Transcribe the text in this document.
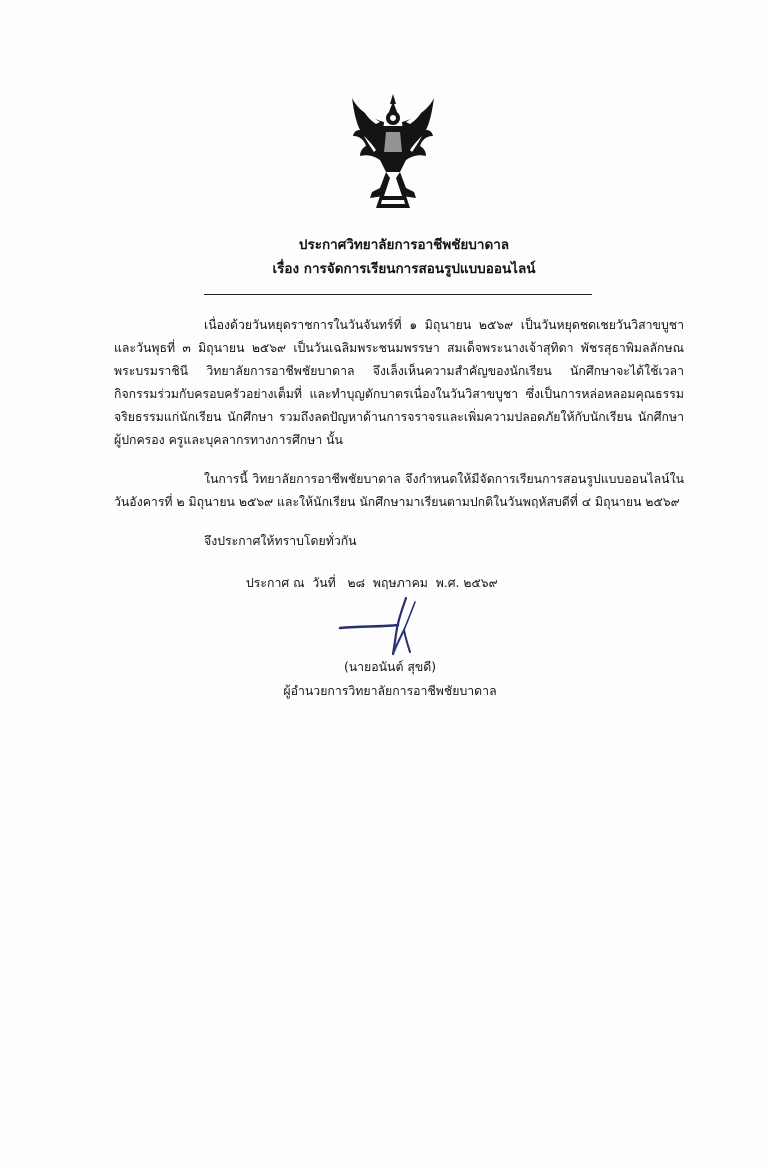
ประกาศวิทยาลัยการอาชีพชัยบาดาล
เรื่อง การจัดการเรียนการสอนรูปแบบออนไลน์

เนื่องด้วยวันหยุดราชการในวันจันทร์ที่ ๑ มิถุนายน ๒๕๖๙ เป็นวันหยุดชดเชยวันวิสาขบูชาและวันพุธที่ ๓ มิถุนายน ๒๕๖๙ เป็นวันเฉลิมพระชนมพรรษา สมเด็จพระนางเจ้าสุทิดา พัชรสุธาพิมลลักษณ พระบรมราชินี วิทยาลัยการอาชีพชัยบาดาล จึงเล็งเห็นความสำคัญของนักเรียน นักศึกษาจะได้ใช้เวลากิจกรรมร่วมกับครอบครัวอย่างเต็มที่ และทำบุญตักบาตรเนื่องในวันวิสาขบูชา ซึ่งเป็นการหล่อหลอมคุณธรรม จริยธรรมแก่นักเรียน นักศึกษา รวมถึงลดปัญหาด้านการจราจรและเพิ่มความปลอดภัยให้กับนักเรียน นักศึกษา ผู้ปกครอง ครูและบุคลากรทางการศึกษา นั้น

ในการนี้ วิทยาลัยการอาชีพชัยบาดาล จึงกำหนดให้มีจัดการเรียนการสอนรูปแบบออนไลน์ในวันอังคารที่ ๒ มิถุนายน ๒๕๖๙ และให้นักเรียน นักศึกษามาเรียนตามปกติในวันพฤหัสบดีที่ ๔ มิถุนายน ๒๕๖๙

จึงประกาศให้ทราบโดยทั่วกัน

ประกาศ ณ วันที่ ๒๘ พฤษภาคม พ.ศ. ๒๕๖๙
(นายอนันต์ สุขดี)
ผู้อำนวยการวิทยาลัยการอาชีพชัยบาดาล
